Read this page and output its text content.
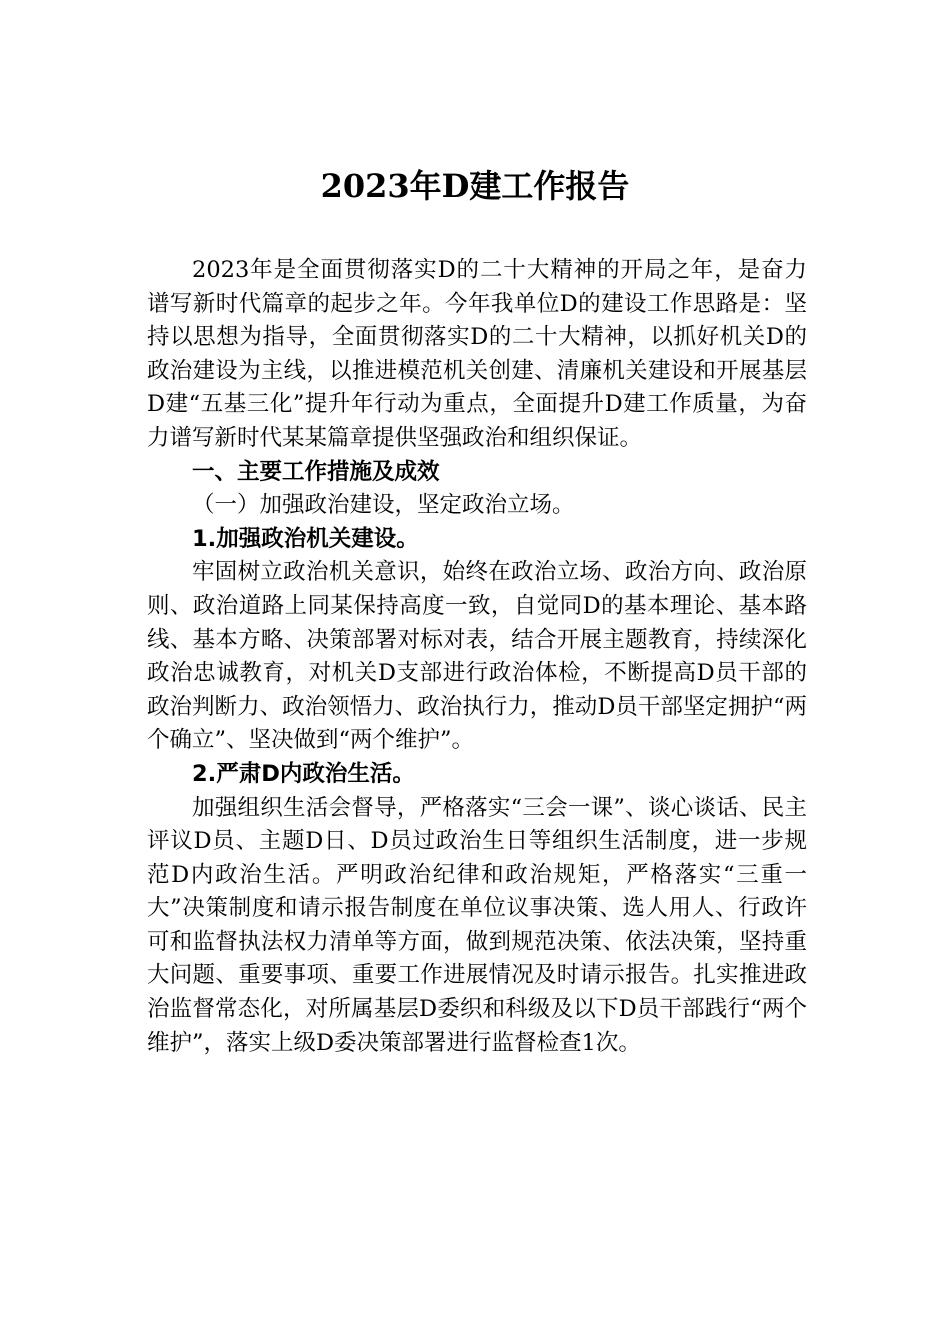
2023年D建工作报告

2023年是全面贯彻落实D的二十大精神的开局之年，是奋力谱写新时代篇章的起步之年。今年我单位D的建设工作思路是：坚持以思想为指导，全面贯彻落实D的二十大精神，以抓好机关D的政治建设为主线，以推进模范机关创建、清廉机关建设和开展基层D建“五基三化”提升年行动为重点，全面提升D建工作质量，为奋力谱写新时代某某篇章提供坚强政治和组织保证。

一、主要工作措施及成效

（一）加强政治建设，坚定政治立场。

1.加强政治机关建设。

牢固树立政治机关意识，始终在政治立场、政治方向、政治原则、政治道路上同某保持高度一致，自觉同D的基本理论、基本路线、基本方略、决策部署对标对表，结合开展主题教育，持续深化政治忠诚教育，对机关D支部进行政治体检，不断提高D员干部的政治判断力、政治领悟力、政治执行力，推动D员干部坚定拥护“两个确立”、坚决做到“两个维护”。

2.严肃D内政治生活。

加强组织生活会督导，严格落实“三会一课”、谈心谈话、民主评议D员、主题D日、D员过政治生日等组织生活制度，进一步规范D内政治生活。严明政治纪律和政治规矩，严格落实“三重一大”决策制度和请示报告制度在单位议事决策、选人用人、行政许可和监督执法权力清单等方面，做到规范决策、依法决策，坚持重大问题、重要事项、重要工作进展情况及时请示报告。扎实推进政治监督常态化，对所属基层D委织和科级及以下D员干部践行“两个维护”，落实上级D委决策部署进行监督检查1次。
